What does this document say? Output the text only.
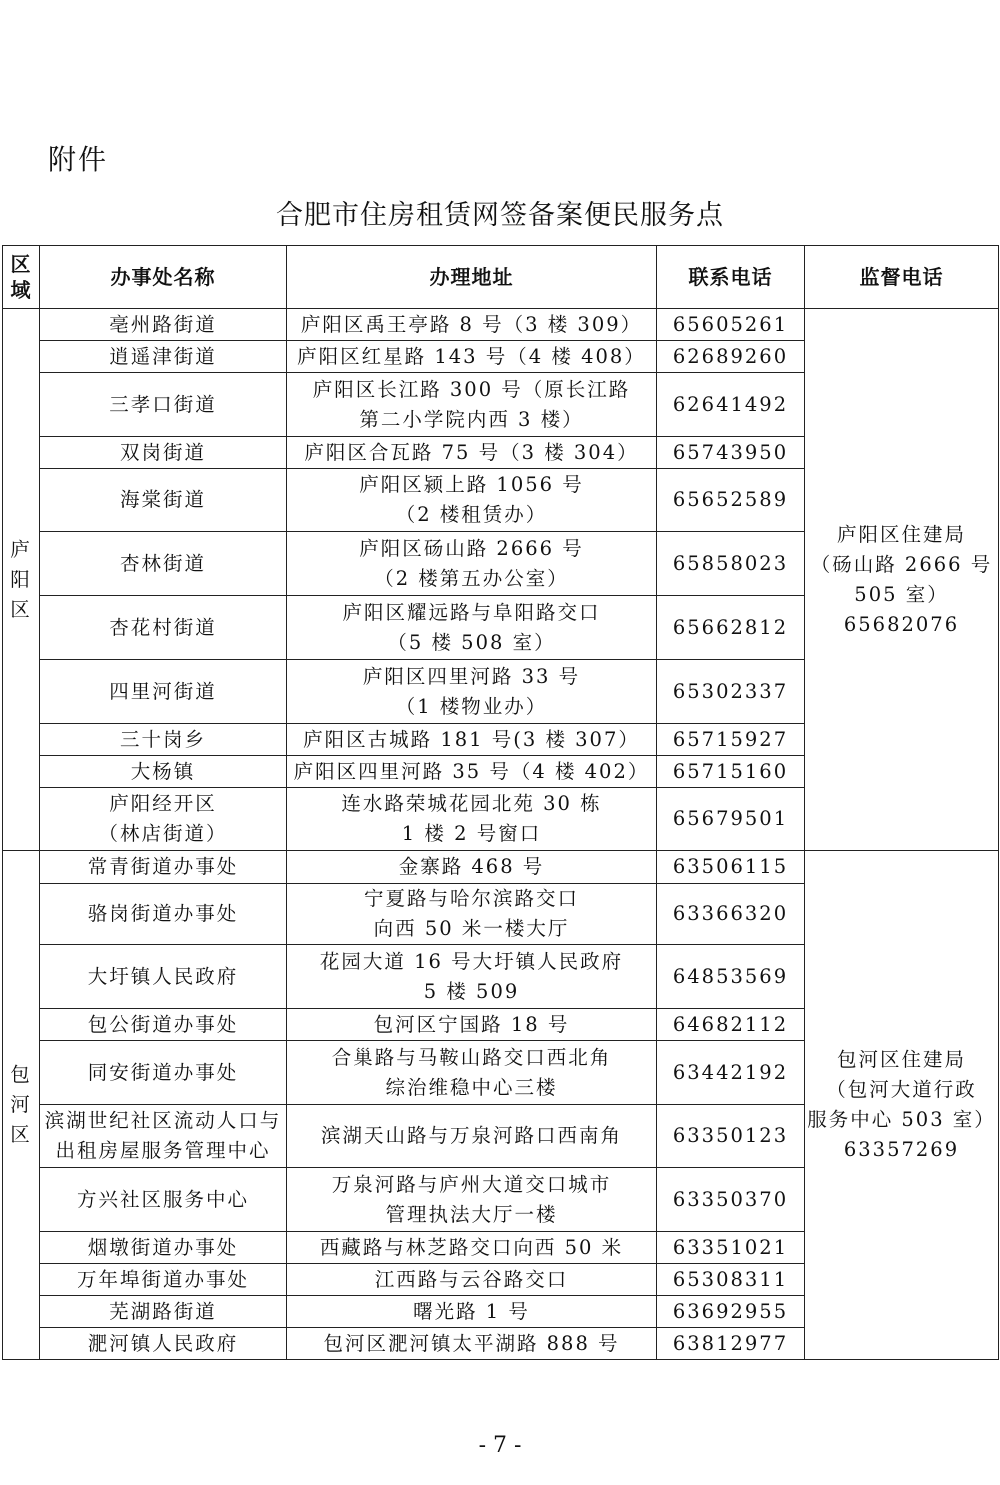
附件
合肥市住房租赁网签备案便民服务点
区
域	办事处名称	办理地址	联系电话	监督电话

庐
阳
区	亳州路街道	庐阳区禹王亭路 8 号（3 楼 309）	65605261	庐阳区住建局
（砀山路 2666 号
505 室）
65682076

	逍遥津街道	庐阳区红星路 143 号（4 楼 408）	62689260	

	三孝口街道	庐阳区长江路 300 号（原长江路
第二小学院内西 3 楼）	62641492	

	双岗街道	庐阳区合瓦路 75 号（3 楼 304）	65743950	

	海棠街道	庐阳区颍上路 1056 号
（2 楼租赁办）	65652589	

	杏林街道	庐阳区砀山路 2666 号
（2 楼第五办公室）	65858023	

	杏花村街道	庐阳区耀远路与阜阳路交口
（5 楼 508 室）	65662812	

	四里河街道	庐阳区四里河路 33 号
（1 楼物业办）	65302337	

	三十岗乡	庐阳区古城路 181 号(3 楼 307）	65715927	

	大杨镇	庐阳区四里河路 35 号（4 楼 402）	65715160	

	庐阳经开区
（林店街道）	连水路荣城花园北苑 30 栋
1 楼 2 号窗口	65679501	

包
河
区	常青街道办事处	金寨路 468 号	63506115	包河区住建局
（包河大道行政
服务中心 503 室）
63357269

	骆岗街道办事处	宁夏路与哈尔滨路交口
向西 50 米一楼大厅	63366320	

	大圩镇人民政府	花园大道 16 号大圩镇人民政府
5 楼 509	64853569	

	包公街道办事处	包河区宁国路 18 号	64682112	

	同安街道办事处	合巢路与马鞍山路交口西北角
综治维稳中心三楼	63442192	

	滨湖世纪社区流动人口与
出租房屋服务管理中心	滨湖天山路与万泉河路口西南角	63350123	

	方兴社区服务中心	万泉河路与庐州大道交口城市
管理执法大厅一楼	63350370	

	烟墩街道办事处	西藏路与林芝路交口向西 50 米	63351021	

	万年埠街道办事处	江西路与云谷路交口	65308311	

	芜湖路街道	曙光路 1 号	63692955	

	淝河镇人民政府	包河区淝河镇太平湖路 888 号	63812977	
- 7 -
